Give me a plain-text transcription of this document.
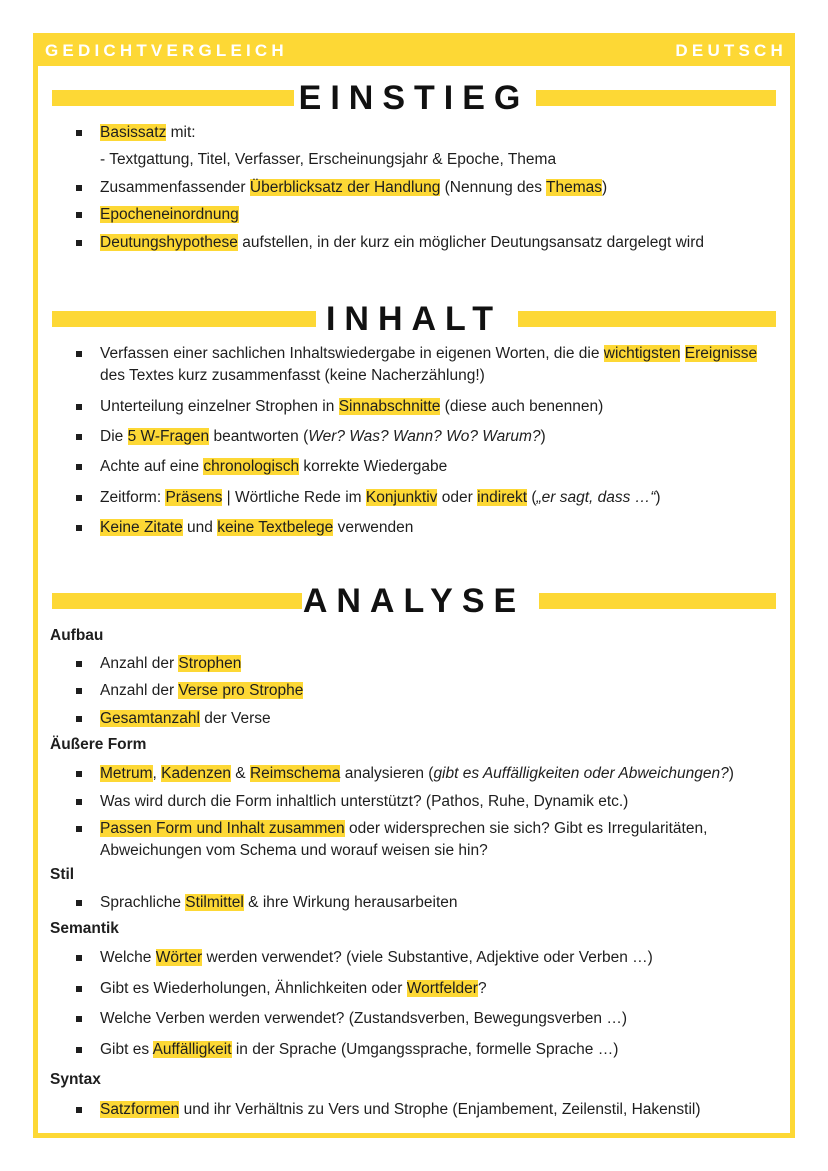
GEDICHTVERGLEICH	DEUTSCH
EINSTIEG
Basissatz mit:
- Textgattung, Titel, Verfasser, Erscheinungsjahr & Epoche, Thema
Zusammenfassender Überblicksatz der Handlung (Nennung des Themas)
Epocheneinordnung
Deutungshypothese aufstellen, in der kurz ein möglicher Deutungsansatz dargelegt wird
INHALT
Verfassen einer sachlichen Inhaltswiedergabe in eigenen Worten, die die wichtigsten Ereignisse des Textes kurz zusammenfasst (keine Nacherzählung!)
Unterteilung einzelner Strophen in Sinnabschnitte (diese auch benennen)
Die 5 W-Fragen beantworten (Wer? Was? Wann? Wo? Warum?)
Achte auf eine chronologisch korrekte Wiedergabe
Zeitform: Präsens | Wörtliche Rede im Konjunktiv oder indirekt („er sagt, dass …“)
Keine Zitate und keine Textbelege verwenden
ANALYSE
Aufbau
Anzahl der Strophen
Anzahl der Verse pro Strophe
Gesamtanzahl der Verse
Äußere Form
Metrum, Kadenzen & Reimschema analysieren (gibt es Auffälligkeiten oder Abweichungen?)
Was wird durch die Form inhaltlich unterstützt? (Pathos, Ruhe, Dynamik etc.)
Passen Form und Inhalt zusammen oder widersprechen sie sich? Gibt es Irregularitäten, Abweichungen vom Schema und worauf weisen sie hin?
Stil
Sprachliche Stilmittel & ihre Wirkung herausarbeiten
Semantik
Welche Wörter werden verwendet? (viele Substantive, Adjektive oder Verben …)
Gibt es Wiederholungen, Ähnlichkeiten oder Wortfelder?
Welche Verben werden verwendet? (Zustandsverben, Bewegungsverben …)
Gibt es Auffälligkeit in der Sprache (Umgangssprache, formelle Sprache …)
Syntax
Satzformen und ihr Verhältnis zu Vers und Strophe (Enjambement, Zeilenstil, Hakenstil)
